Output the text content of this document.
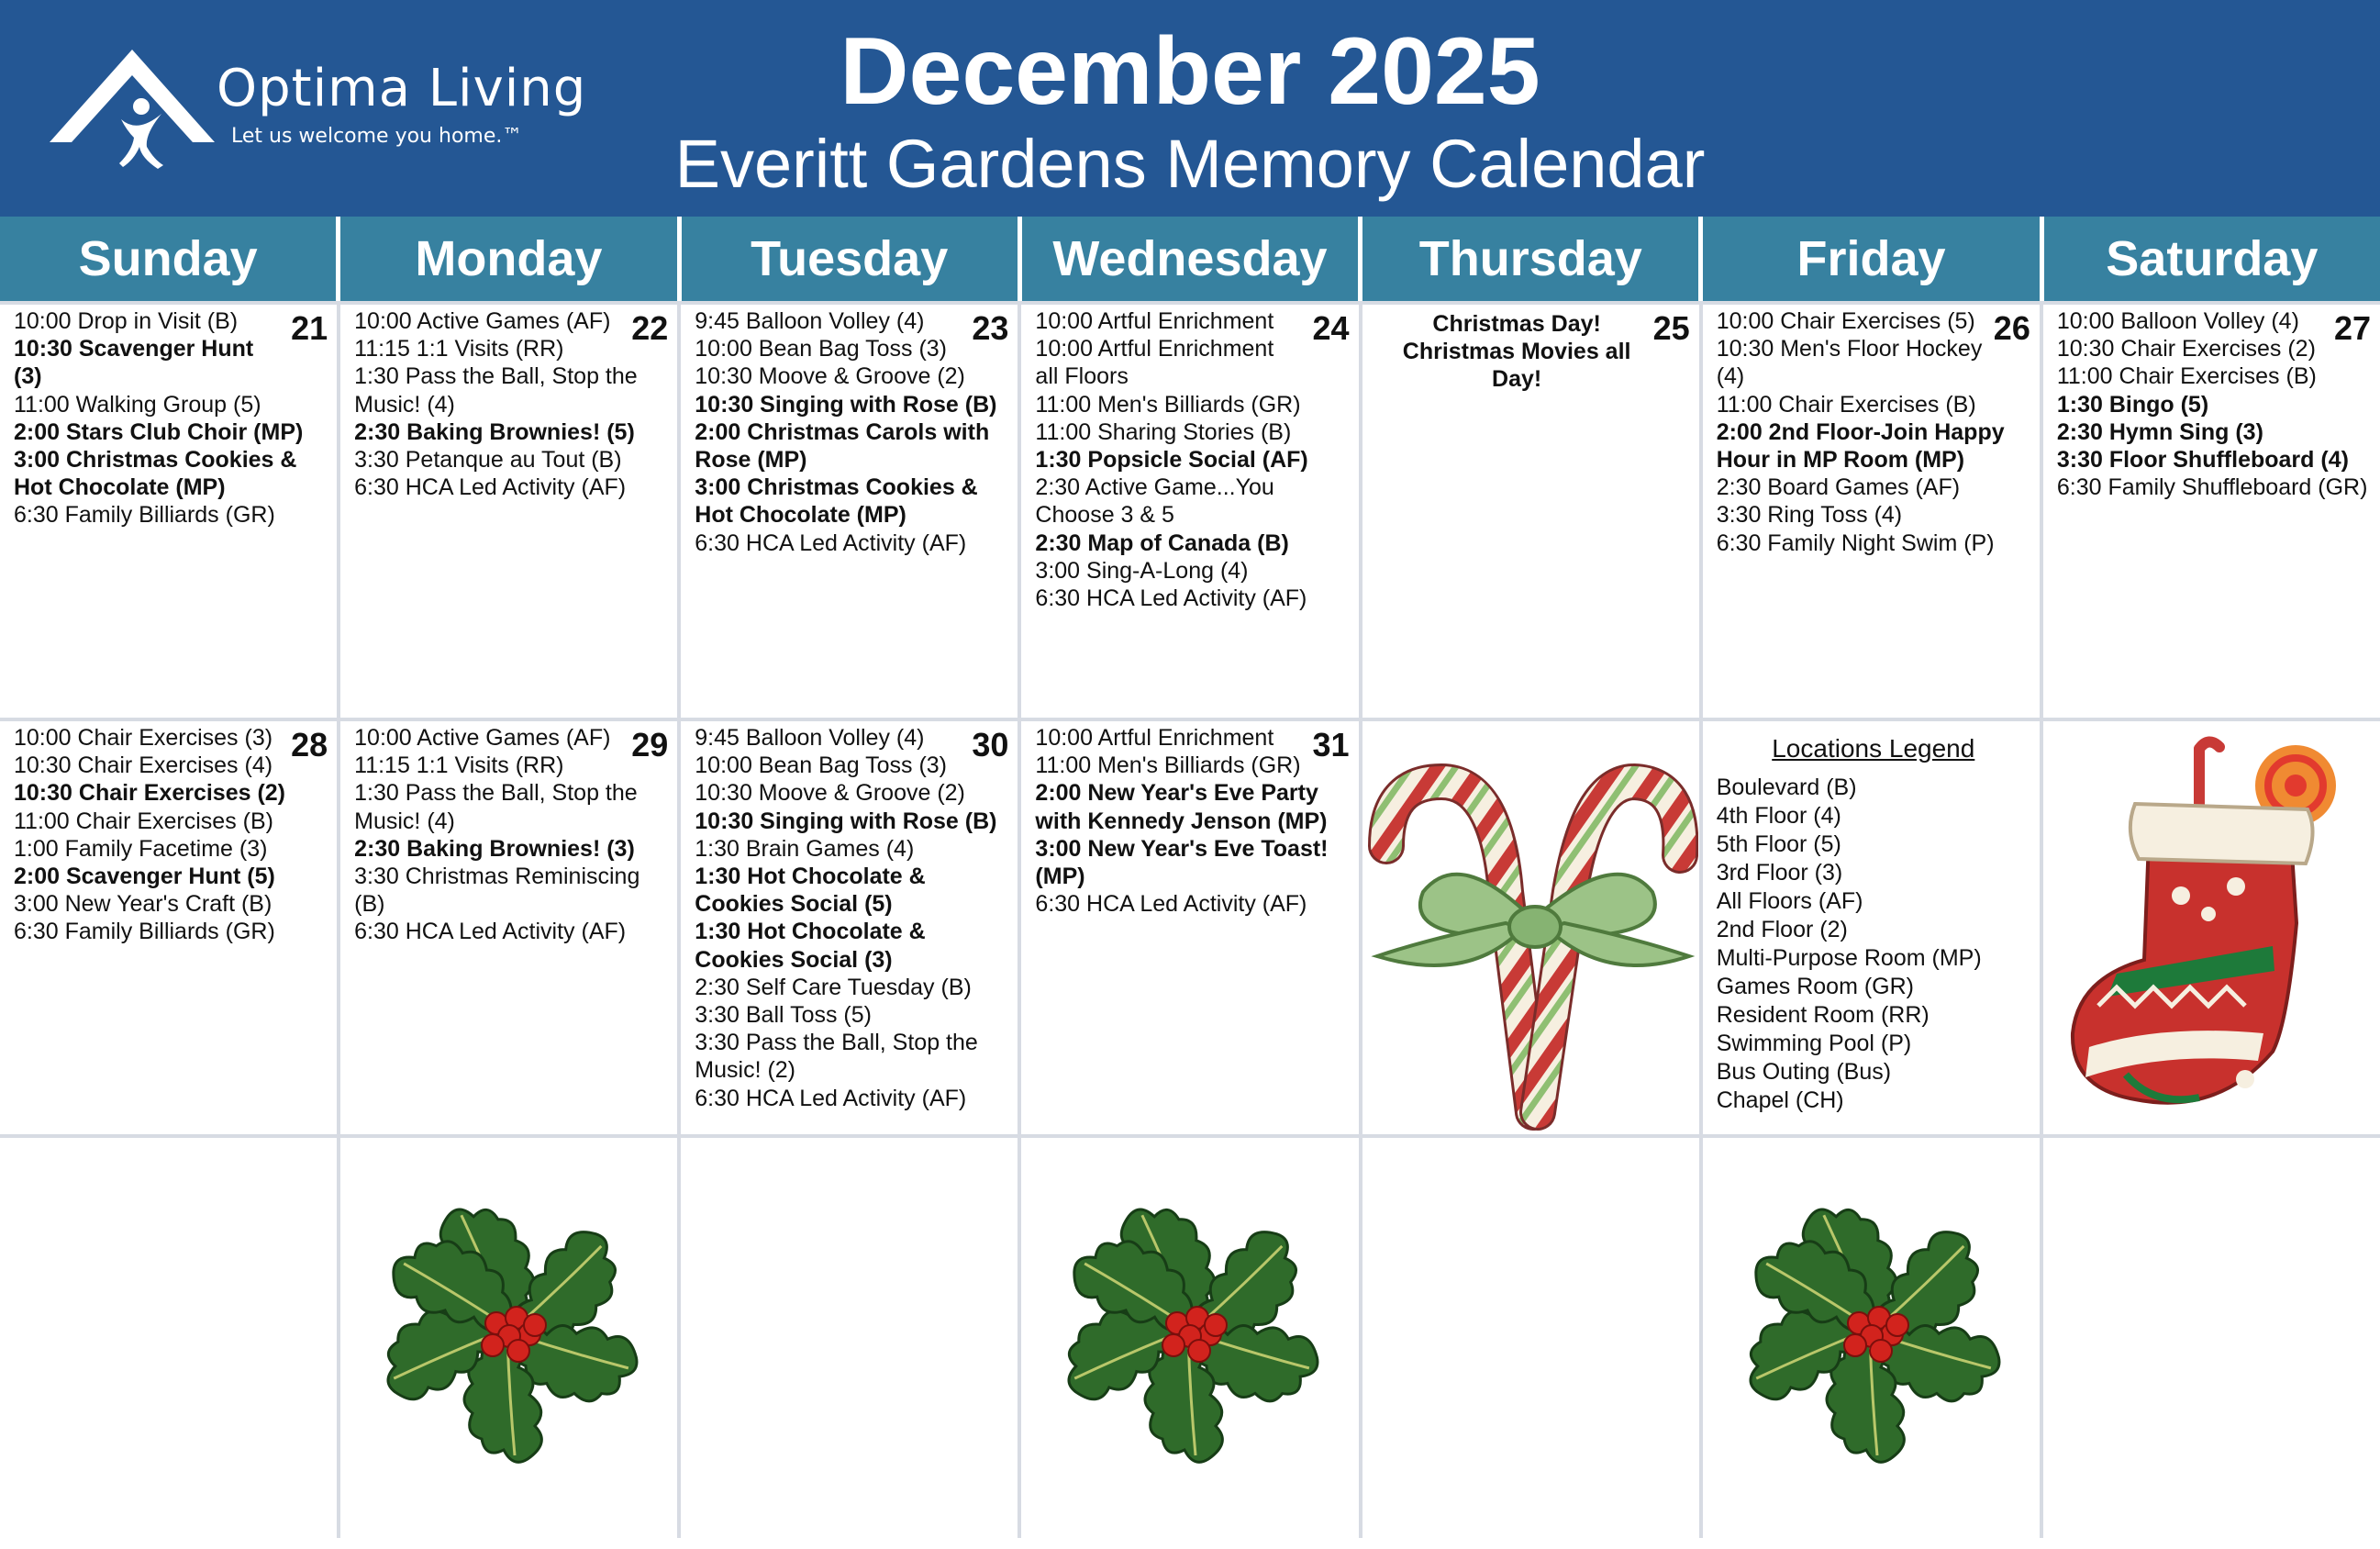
Optima Living
Let us welcome you home.™
December 2025
Everitt Gardens Memory Calendar
Sunday	Monday	Tuesday	Wednesday	Thursday	Friday	Saturday
21
10:00 Drop in Visit (B)
10:30 Scavenger Hunt (3)
11:00 Walking Group (5)
2:00 Stars Club Choir (MP)
3:00 Christmas Cookies & Hot Chocolate (MP)
6:30 Family Billiards (GR)
22
10:00 Active Games (AF)
11:15 1:1 Visits (RR)
1:30 Pass the Ball, Stop the Music! (4)
2:30 Baking Brownies! (5)
3:30 Petanque au Tout (B)
6:30 HCA Led Activity (AF)
23
9:45 Balloon Volley (4)
10:00 Bean Bag Toss (3)
10:30 Moove & Groove (2)
10:30 Singing with Rose (B)
2:00 Christmas Carols with Rose (MP)
3:00 Christmas Cookies & Hot Chocolate (MP)
6:30 HCA Led Activity (AF)
24
10:00 Artful Enrichment
10:00 Artful Enrichment all Floors
11:00 Men's Billiards (GR)
11:00 Sharing Stories (B)
1:30 Popsicle Social (AF)
2:30 Active Game...You Choose 3 & 5
2:30 Map of Canada (B)
3:00 Sing-A-Long (4)
6:30 HCA Led Activity (AF)
25
Christmas Day! Christmas Movies all Day!
26
10:00 Chair Exercises (5)
10:30 Men's Floor Hockey (4)
11:00 Chair Exercises (B)
2:00 2nd Floor-Join Happy Hour in MP Room (MP)
2:30 Board Games (AF)
3:30 Ring Toss (4)
6:30 Family Night Swim (P)
27
10:00 Balloon Volley (4)
10:30 Chair Exercises (2)
11:00 Chair Exercises (B)
1:30 Bingo (5)
2:30 Hymn Sing (3)
3:30 Floor Shuffleboard (4)
6:30 Family Shuffleboard (GR)
28
10:00 Chair Exercises (3)
10:30 Chair Exercises (4)
10:30 Chair Exercises (2)
11:00 Chair Exercises (B)
1:00 Family Facetime (3)
2:00 Scavenger Hunt (5)
3:00 New Year's Craft (B)
6:30 Family Billiards (GR)
29
10:00 Active Games (AF)
11:15 1:1 Visits (RR)
1:30 Pass the Ball, Stop the Music! (4)
2:30 Baking Brownies! (3)
3:30 Christmas Reminiscing (B)
6:30 HCA Led Activity (AF)
30
9:45 Balloon Volley (4)
10:00 Bean Bag Toss (3)
10:30 Moove & Groove (2)
10:30 Singing with Rose (B)
1:30 Brain Games (4)
1:30 Hot Chocolate & Cookies Social (5)
1:30 Hot Chocolate & Cookies Social (3)
2:30 Self Care Tuesday (B)
3:30 Ball Toss (5)
3:30 Pass the Ball, Stop the Music! (2)
6:30 HCA Led Activity (AF)
31
10:00 Artful Enrichment
11:00 Men's Billiards (GR)
2:00 New Year's Eve Party with Kennedy Jenson (MP)
3:00 New Year's Eve Toast! (MP)
6:30 HCA Led Activity (AF)
Locations Legend
Boulevard (B)
4th Floor (4)
5th Floor (5)
3rd Floor (3)
All Floors (AF)
2nd Floor (2)
Multi-Purpose Room (MP)
Games Room (GR)
Resident Room (RR)
Swimming Pool (P)
Bus Outing (Bus)
Chapel (CH)
